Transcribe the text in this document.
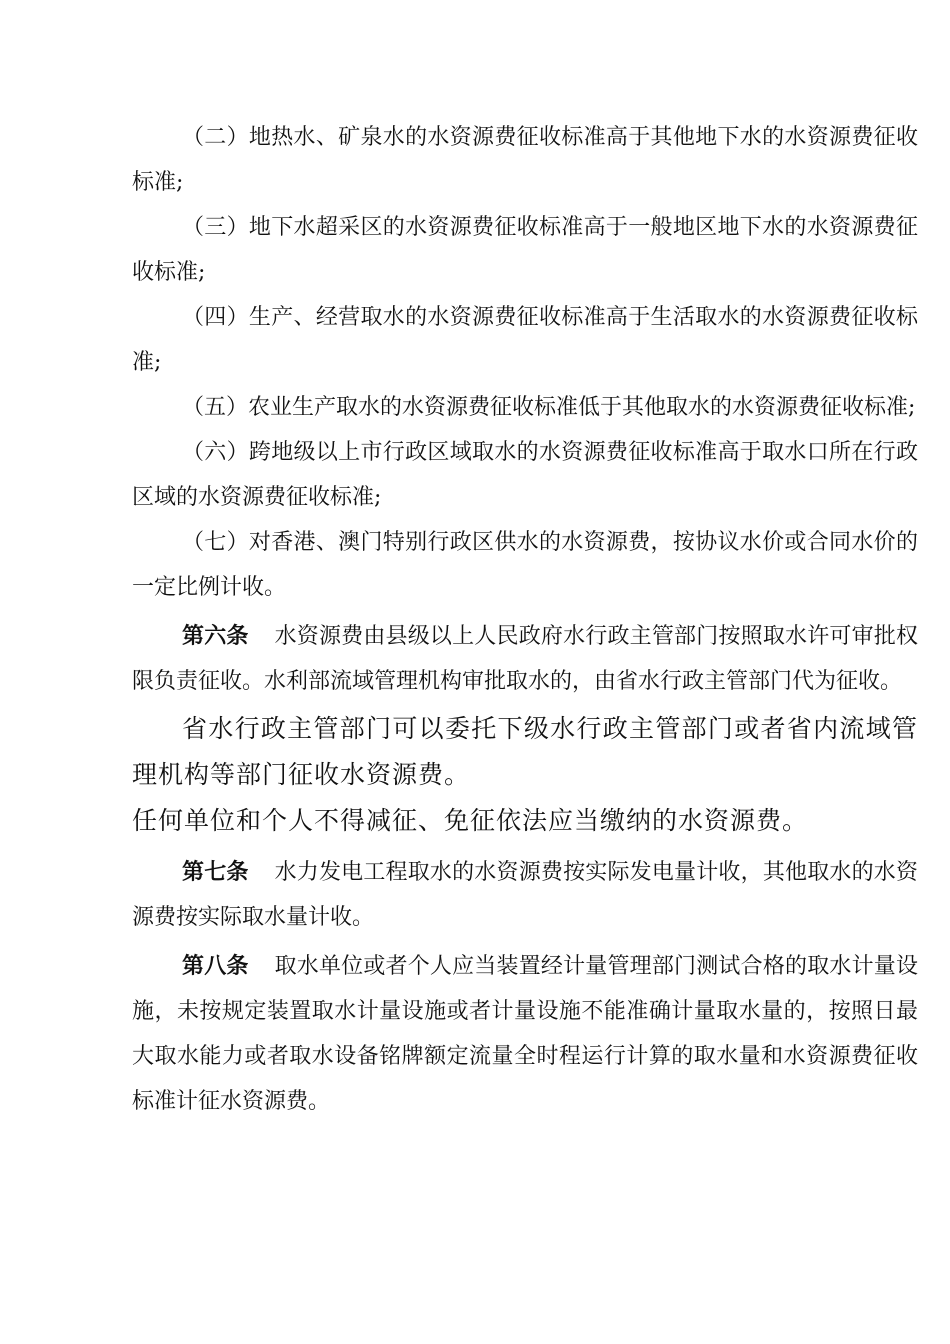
（二）地热水、矿泉水的水资源费征收标准高于其他地下水的水资源费征收标准;

（三）地下水超采区的水资源费征收标准高于一般地区地下水的水资源费征收标准;

（四）生产、经营取水的水资源费征收标准高于生活取水的水资源费征收标准;

（五）农业生产取水的水资源费征收标准低于其他取水的水资源费征收标准;

（六）跨地级以上市行政区域取水的水资源费征收标准高于取水口所在行政区域的水资源费征收标准;

（七）对香港、澳门特别行政区供水的水资源费，按协议水价或合同水价的一定比例计收。

第六条 水资源费由县级以上人民政府水行政主管部门按照取水许可审批权限负责征收。水利部流域管理机构审批取水的，由省水行政主管部门代为征收。

省水行政主管部门可以委托下级水行政主管部门或者省内流域管理机构等部门征收水资源费。

任何单位和个人不得减征、免征依法应当缴纳的水资源费。

第七条 水力发电工程取水的水资源费按实际发电量计收，其他取水的水资源费按实际取水量计收。

第八条 取水单位或者个人应当装置经计量管理部门测试合格的取水计量设施，未按规定装置取水计量设施或者计量设施不能准确计量取水量的，按照日最大取水能力或者取水设备铭牌额定流量全时程运行计算的取水量和水资源费征收标准计征水资源费。
